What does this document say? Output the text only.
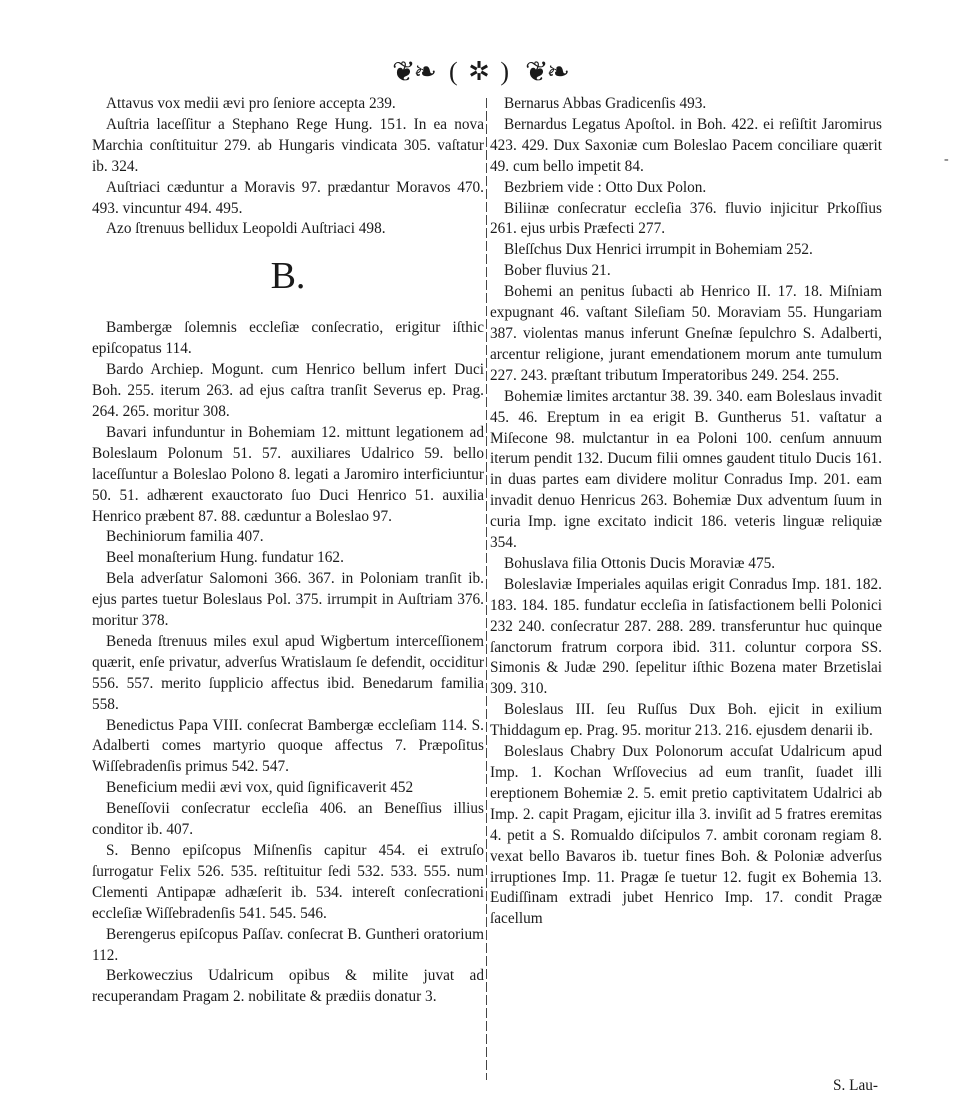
❦❧ ( ✲ ) ❦❧

Attavus vox medii ævi pro ſeniore accepta 239.

Auſtria laceſſitur a Stephano Rege Hung. 151. In ea nova Marchia conſtituitur 279. ab Hungaris vindicata 305. vaſtatur ib. 324.

Auſtriaci cæduntur a Moravis 97. prædantur Moravos 470. 493. vincuntur 494. 495.

Azo ſtrenuus bellidux Leopoldi Auſtriaci 498.

B.

Bambergæ ſolemnis eccleſiæ conſecratio, erigitur iſthic epiſcopatus 114.

Bardo Archiep. Mogunt. cum Henrico bellum infert Duci Boh. 255. iterum 263. ad ejus caſtra tranſit Severus ep. Prag. 264. 265. moritur 308.

Bavari infunduntur in Bohemiam 12. mittunt legationem ad Boleslaum Polonum 51. 57. auxiliares Udalrico 59. bello laceſſuntur a Boleslao Polono 8. legati a Jaromiro interficiuntur 50. 51. adhærent exauctorato ſuo Duci Henrico 51. auxilia Henrico præbent 87. 88. cæduntur a Boleslao 97.

Bechiniorum familia 407.

Beel monaſterium Hung. fundatur 162.

Bela adverſatur Salomoni 366. 367. in Poloniam tranſit ib. ejus partes tuetur Boleslaus Pol. 375. irrumpit in Auſtriam 376. moritur 378.

Beneda ſtrenuus miles exul apud Wigbertum interceſſionem quærit, enſe privatur, adverſus Wratislaum ſe defendit, occiditur 556. 557. merito ſupplicio affectus ibid. Benedarum familia 558.

Benedictus Papa VIII. conſecrat Bambergæ eccleſiam 114. S. Adalberti comes martyrio quoque affectus 7. Præpoſitus Wiſſebradenſis primus 542. 547.

Beneficium medii ævi vox, quid ſignificaverit 452

Beneſſovii conſecratur eccleſia 406. an Beneſſius illius conditor ib. 407.

S. Benno epiſcopus Miſnenſis capitur 454. ei extruſo ſurrogatur Felix 526. 535. reſtituitur ſedi 532. 533. 555. num Clementi Antipapæ adhæſerit ib. 534. intereſt conſecrationi eccleſiæ Wiſſebradenſis 541. 545. 546.

Berengerus epiſcopus Paſſav. conſecrat B. Guntheri oratorium 112.

Berkoweczius Udalricum opibus & milite juvat ad recuperandam Pragam 2. nobilitate & prædiis donatur 3.

Bernarus Abbas Gradicenſis 493.

Bernardus Legatus Apoſtol. in Boh. 422. ei reſiſtit Jaromirus 423. 429. Dux Saxoniæ cum Boleslao Pacem conciliare quærit 49. cum bello impetit 84.

Bezbriem vide : Otto Dux Polon.

Biliinæ conſecratur eccleſia 376. fluvio injicitur Prkoſſius 261. ejus urbis Præfecti 277.

Bleſſchus Dux Henrici irrumpit in Bohemiam 252.

Bober fluvius 21.

Bohemi an penitus ſubacti ab Henrico II. 17. 18. Miſniam expugnant 46. vaſtant Sileſiam 50. Moraviam 55. Hungariam 387. violentas manus inferunt Gneſnæ ſepulchro S. Adalberti, arcentur religione, jurant emendationem morum ante tumulum 227. 243. præſtant tributum Imperatoribus 249. 254. 255.

Bohemiæ limites arctantur 38. 39. 340. eam Boleslaus invadit 45. 46. Ereptum in ea erigit B. Guntherus 51. vaſtatur a Miſecone 98. mulctantur in ea Poloni 100. cenſum annuum iterum pendit 132. Ducum filii omnes gaudent titulo Ducis 161. in duas partes eam dividere molitur Conradus Imp. 201. eam invadit denuo Henricus 263. Bohemiæ Dux adventum ſuum in curia Imp. igne excitato indicit 186. veteris linguæ reliquiæ 354.

Bohuslava filia Ottonis Ducis Moraviæ 475.

Boleslaviæ Imperiales aquilas erigit Conradus Imp. 181. 182. 183. 184. 185. fundatur eccleſia in ſatisfactionem belli Polonici 232 240. conſecratur 287. 288. 289. transferuntur huc quinque ſanctorum fratrum corpora ibid. 311. coluntur corpora SS. Simonis & Judæ 290. ſepelitur iſthic Bozena mater Brzetislai 309. 310.

Boleslaus III. ſeu Ruſſus Dux Boh. ejicit in exilium Thiddagum ep. Prag. 95. moritur 213. 216. ejusdem denarii ib.

Boleslaus Chabry Dux Polonorum accuſat Udalricum apud Imp. 1. Kochan Wrſſovecius ad eum tranſit, ſuadet illi ereptionem Bohemiæ 2. 5. emit pretio captivitatem Udalrici ab Imp. 2. capit Pragam, ejicitur illa 3. inviſit ad 5 fratres eremitas 4. petit a S. Romualdo diſcipulos 7. ambit coronam regiam 8. vexat bello Bavaros ib. tuetur fines Boh. & Poloniæ adverſus irruptiones Imp. 11. Pragæ ſe tuetur 12. fugit ex Bohemia 13. Eudiſſinam extradi jubet Henrico Imp. 17. condit Pragæ ſacellum

-
S. Lau-
